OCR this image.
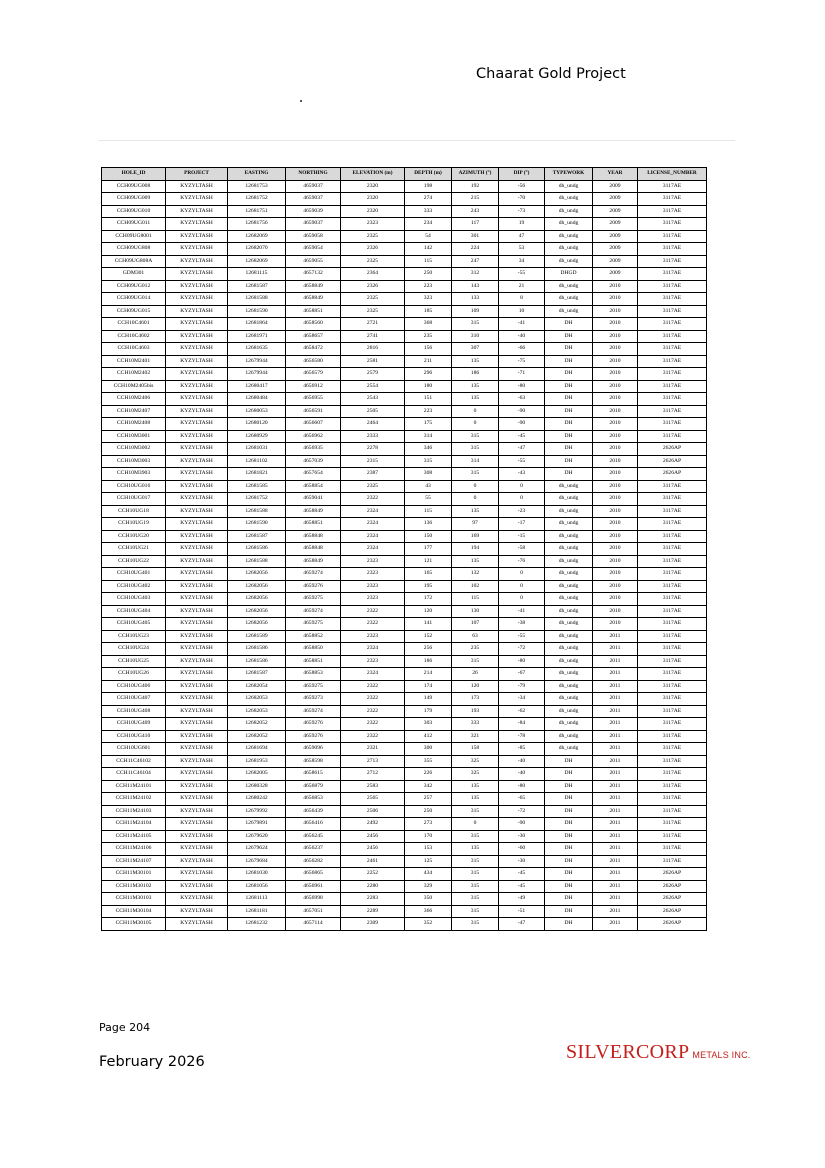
Chaarat Gold Project
HOLE_ID	PROJECT	EASTING	NORTHING	ELEVATION (m)	DEPTH (m)	AZIMUTH (°)	DIP (°)	TYPEWORK	YEAR	LICENSE_NUMBER
CCH09UG008	KYZYLTASH	12681753	4659037	2320	198	192	-56	dh_undg	2009	3117AE
CCH09UG009	KYZYLTASH	12681752	4659037	2320	274	215	-70	dh_undg	2009	3117AE
CCH09UG010	KYZYLTASH	12681751	4659039	2320	333	243	-73	dh_undg	2009	3117AE
CCH09UG011	KYZYLTASH	12681756	4659037	2323	234	117	19	dh_undg	2009	3117AE
CCH09UG8001	KYZYLTASH	12682069	4659058	2325	54	301	47	dh_undg	2009	3117AE
CCH09UG808	KYZYLTASH	12682070	4659054	2326	142	224	53	dh_undg	2009	3117AE
CCH09UG808A	KYZYLTASH	12682069	4659055	2325	115	247	34	dh_undg	2009	3117AE
GDM301	KYZYLTASH	12681115	4657132	2364	250	312	-55	DHGD	2009	3117AE
CCH09UG012	KYZYLTASH	12681587	4658849	2326	223	143	21	dh_undg	2010	3117AE
CCH09UG014	KYZYLTASH	12681588	4658849	2325	323	133	8	dh_undg	2010	3117AE
CCH09UG015	KYZYLTASH	12681590	4658851	2325	185	109	10	dh_undg	2010	3117AE
CCH10C4601	KYZYLTASH	12681864	4658560	2721	368	315	-41	DH	2010	3117AE
CCH10C4602	KYZYLTASH	12681971	4658657	2741	235	310	-40	DH	2010	3117AE
CCH10C4603	KYZYLTASH	12681635	4658472	2816	156	307	-66	DH	2010	3117AE
CCH10M2401	KYZYLTASH	12679944	4656580	2581	211	135	-75	DH	2010	3117AE
CCH10M2402	KYZYLTASH	12679944	4656579	2579	296	186	-71	DH	2010	3117AE
CCH10M2405bis	KYZYLTASH	12680417	4656912	2554	180	135	-80	DH	2010	3117AE
CCH10M2406	KYZYLTASH	12680484	4656955	2543	151	135	-63	DH	2010	3117AE
CCH10M2407	KYZYLTASH	12680053	4656591	2505	223	0	-90	DH	2010	3117AE
CCH10M2408	KYZYLTASH	12680120	4656607	2464	175	0	-90	DH	2010	3117AE
CCH10M3001	KYZYLTASH	12680929	4656962	2333	314	315	-45	DH	2010	3117AE
CCH10M3002	KYZYLTASH	12681031	4656935	2278	346	315	-47	DH	2010	2626AP
CCH10M3003	KYZYLTASH	12681102	4657039	2315	315	314	-55	DH	2010	2626AP
CCH10M3903	KYZYLTASH	12681821	4657654	2387	308	315	-43	DH	2010	2626AP
CCH10UG016	KYZYLTASH	12681585	4658854	2325	43	0	0	dh_undg	2010	3117AE
CCH10UG017	KYZYLTASH	12681752	4659041	2322	55	0	0	dh_undg	2010	3117AE
CCH10UG18	KYZYLTASH	12681588	4658849	2324	115	135	-23	dh_undg	2010	3117AE
CCH10UG19	KYZYLTASH	12681590	4658851	2324	136	97	-17	dh_undg	2010	3117AE
CCH10UG20	KYZYLTASH	12681587	4658848	2324	150	169	-15	dh_undg	2010	3117AE
CCH10UG21	KYZYLTASH	12681586	4658848	2324	177	194	-58	dh_undg	2010	3117AE
CCH10UG22	KYZYLTASH	12681588	4658849	2323	121	135	-76	dh_undg	2010	3117AE
CCH10UG401	KYZYLTASH	12682056	4659274	2323	165	132	0	dh_undg	2010	3117AE
CCH10UG402	KYZYLTASH	12682056	4659276	2323	195	102	0	dh_undg	2010	3117AE
CCH10UG403	KYZYLTASH	12682056	4659275	2323	172	115	0	dh_undg	2010	3117AE
CCH10UG404	KYZYLTASH	12682056	4659274	2322	120	130	-41	dh_undg	2010	3117AE
CCH10UG405	KYZYLTASH	12682056	4659275	2322	141	107	-38	dh_undg	2010	3117AE
CCH10UG23	KYZYLTASH	12681589	4658852	2323	152	63	-55	dh_undg	2011	3117AE
CCH10UG24	KYZYLTASH	12681586	4658850	2324	256	235	-72	dh_undg	2011	3117AE
CCH10UG25	KYZYLTASH	12681586	4658851	2323	186	315	-80	dh_undg	2011	3117AE
CCH10UG26	KYZYLTASH	12681587	4658853	2324	214	26	-67	dh_undg	2011	3117AE
CCH10UG406	KYZYLTASH	12682054	4659275	2322	174	120	-79	dh_undg	2011	3117AE
CCH10UG407	KYZYLTASH	12682053	4659273	2322	149	173	-34	dh_undg	2011	3117AE
CCH10UG408	KYZYLTASH	12682053	4659274	2322	179	193	-62	dh_undg	2011	3117AE
CCH10UG409	KYZYLTASH	12682052	4659276	2322	303	333	-84	dh_undg	2011	3117AE
CCH10UG410	KYZYLTASH	12682052	4659276	2322	412	321	-78	dh_undg	2011	3117AE
CCH10UG601	KYZYLTASH	12681694	4659096	2321	300	158	-85	dh_undg	2011	3117AE
CCH11C46102	KYZYLTASH	12681953	4658598	2713	355	325	-40	DH	2011	3117AE
CCH11C46104	KYZYLTASH	12682005	4658615	2712	226	325	-40	DH	2011	3117AE
CCH11M24101	KYZYLTASH	12680328	4656879	2583	342	135	-80	DH	2011	3117AE
CCH11M24102	KYZYLTASH	12680242	4656853	2565	257	135	-65	DH	2011	3117AE
CCH11M24103	KYZYLTASH	12679992	4656439	2506	250	315	-72	DH	2011	3117AE
CCH11M24104	KYZYLTASH	12679891	4656416	2492	273	0	-90	DH	2011	3117AE
CCH11M24105	KYZYLTASH	12679620	4656245	2456	170	315	-30	DH	2011	3117AE
CCH11M24106	KYZYLTASH	12679624	4656237	2456	153	135	-60	DH	2011	3117AE
CCH11M24107	KYZYLTASH	12679684	4656282	2461	125	315	-30	DH	2011	3117AE
CCH11M30101	KYZYLTASH	12681030	4656865	2252	434	315	-45	DH	2011	2626AP
CCH11M30102	KYZYLTASH	12681056	4656961	2280	329	315	-45	DH	2011	2626AP
CCH11M30103	KYZYLTASH	12681113	4656998	2283	350	315	-49	DH	2011	2626AP
CCH11M30104	KYZYLTASH	12681181	4657051	2289	366	315	-51	DH	2011	2626AP
CCH11M30105	KYZYLTASH	12681232	4657114	2309	352	315	-47	DH	2011	2626AP
Page 204
February 2026	SILVERCORP METALS INC.
